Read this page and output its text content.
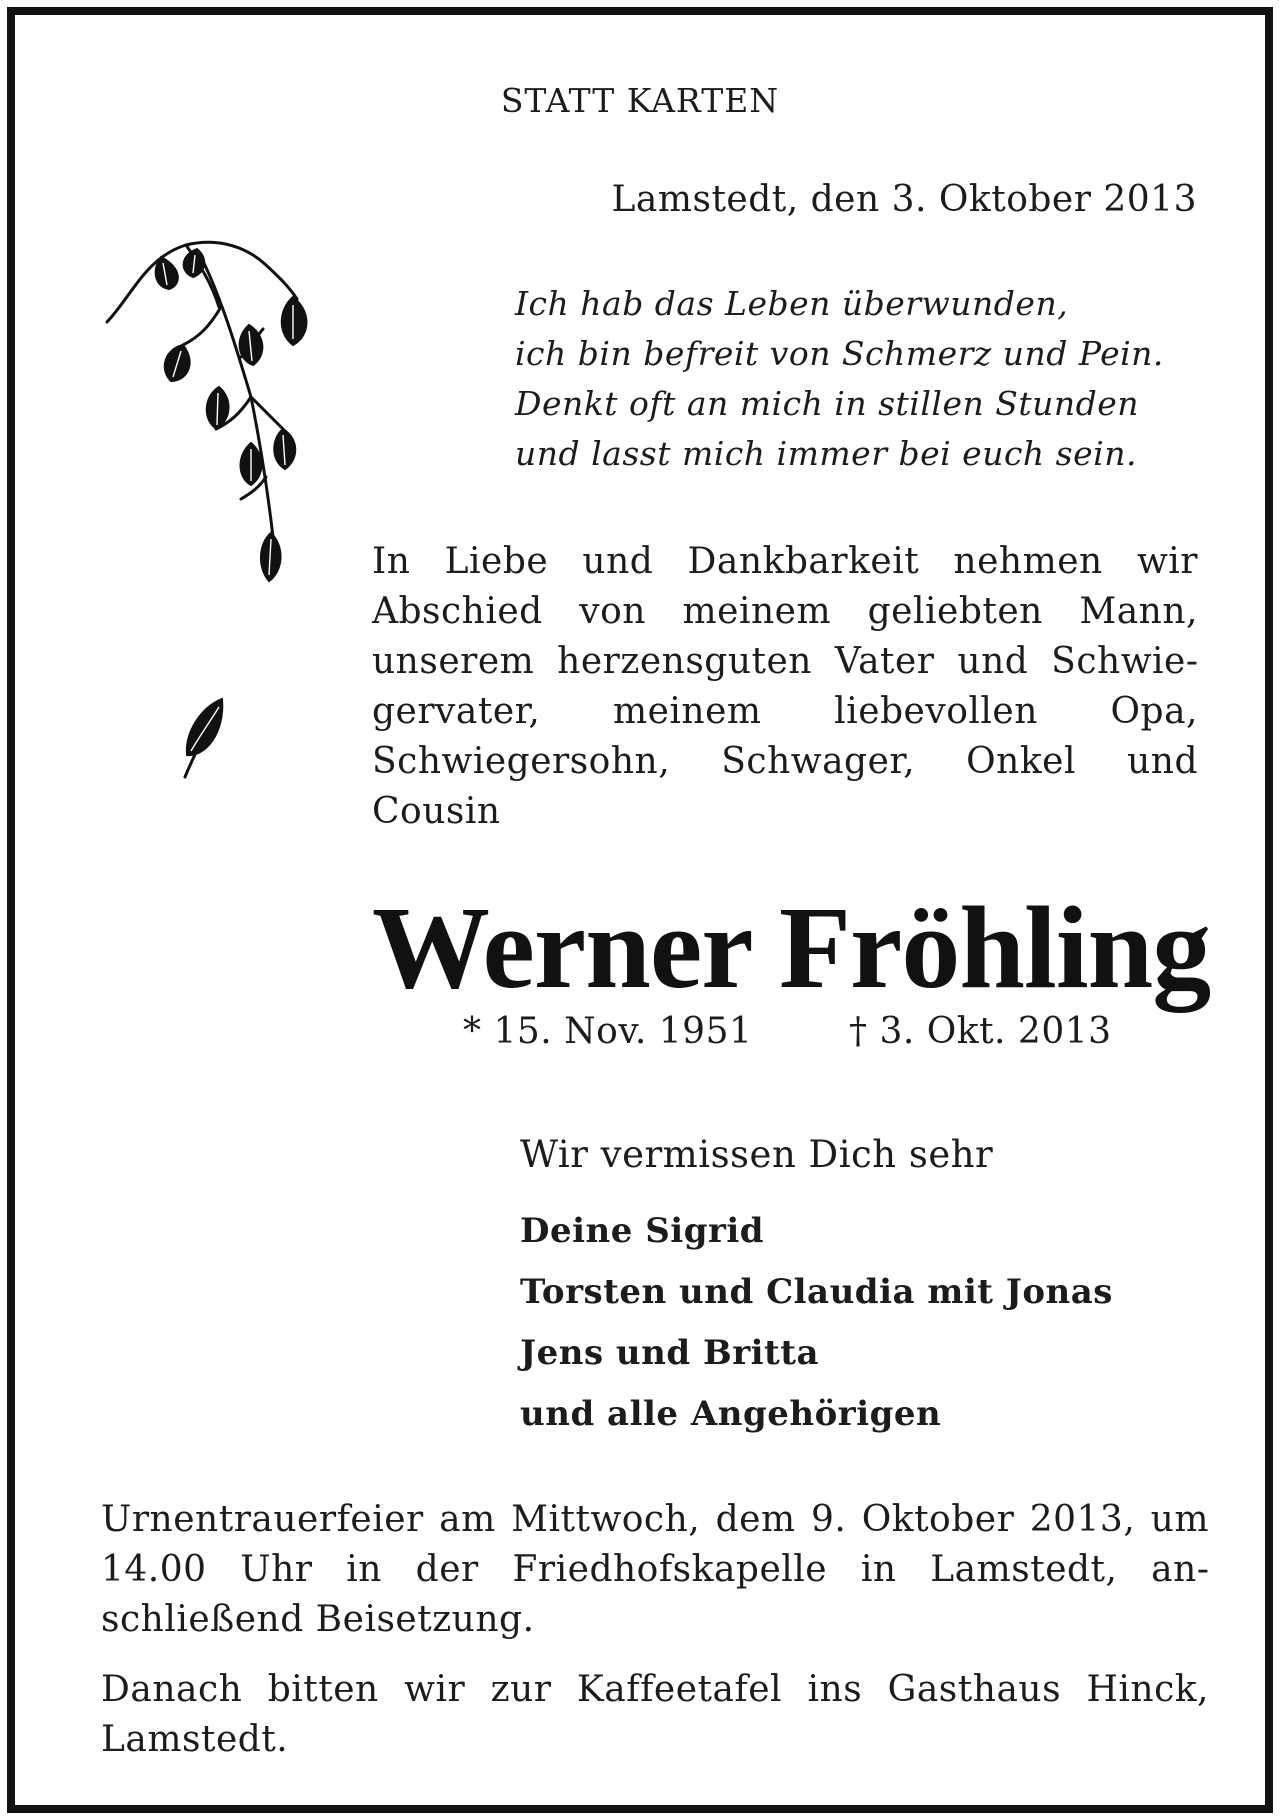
STATT KARTEN
Lamstedt, den 3. Oktober 2013
Ich hab das Leben überwunden,
ich bin befreit von Schmerz und Pein.
Denkt oft an mich in stillen Stunden
und lasst mich immer bei euch sein.
In Liebe und Dankbarkeit nehmen wir Abschied von meinem geliebten Mann, unserem herzensguten Vater und Schwiegervater, meinem liebevollen Opa, Schwiegersohn, Schwager, Onkel und Cousin
Werner Fröhling
* 15. Nov. 1951	† 3. Okt. 2013
Wir vermissen Dich sehr
Deine Sigrid
Torsten und Claudia mit Jonas
Jens und Britta
und alle Angehörigen
Urnentrauerfeier am Mittwoch, dem 9. Oktober 2013, um 14.00 Uhr in der Friedhofskapelle in Lamstedt, anschließend Beisetzung.
Danach bitten wir zur Kaffeetafel ins Gasthaus Hinck, Lamstedt.
